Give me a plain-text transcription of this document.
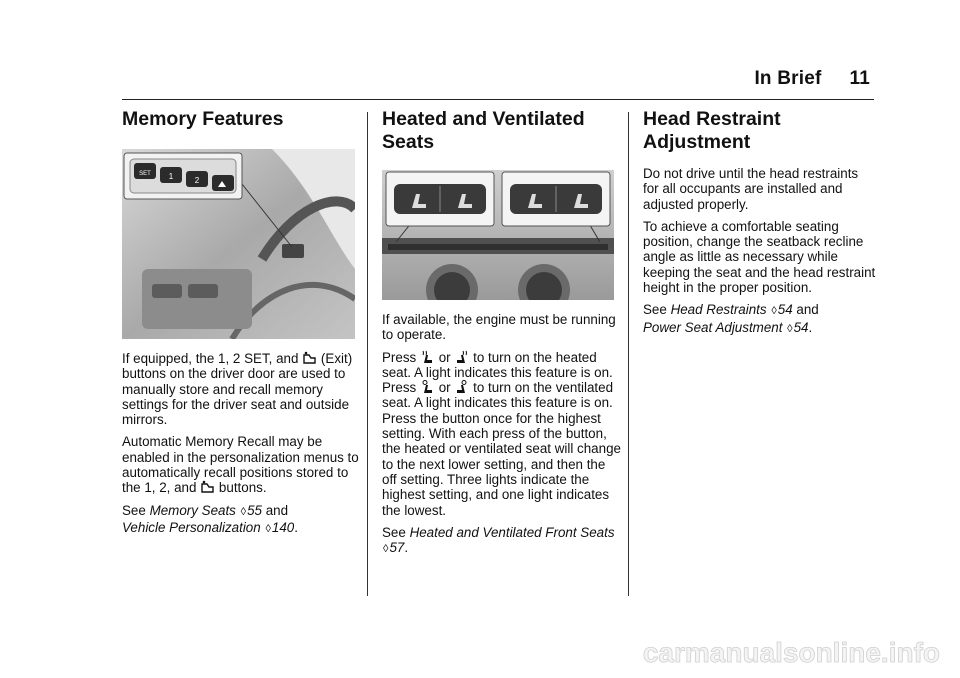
In Brief 11
Memory Features
SET 1	2

If equipped, the 1, 2 SET, and (Exit) buttons on the driver door are used to manually store and recall memory settings for the driver seat and outside mirrors.

Automatic Memory Recall may be enabled in the personalization menus to automatically recall positions stored to the 1, 2, and buttons.

See Memory Seats ◊55 and
Vehicle Personalization ◊140.

Heated and Ventilated Seats

If available, the engine must be running to operate.

Press or to turn on the heated seat. A light indicates this feature is on. Press or to turn on the ventilated seat. A light indicates this feature is on. Press the button once for the highest setting. With each press of the button, the heated or ventilated seat will change to the next lower setting, and then the off setting. Three lights indicate the highest setting, and one light indicates the lowest.

See Heated and Ventilated Front Seats ◊57.

Head Restraint Adjustment

Do not drive until the head restraints for all occupants are installed and adjusted properly.

To achieve a comfortable seating position, change the seatback recline angle as little as necessary while keeping the seat and the head restraint height in the proper position.

See Head Restraints ◊54 and
Power Seat Adjustment ◊54.

carmanualsonline.info
